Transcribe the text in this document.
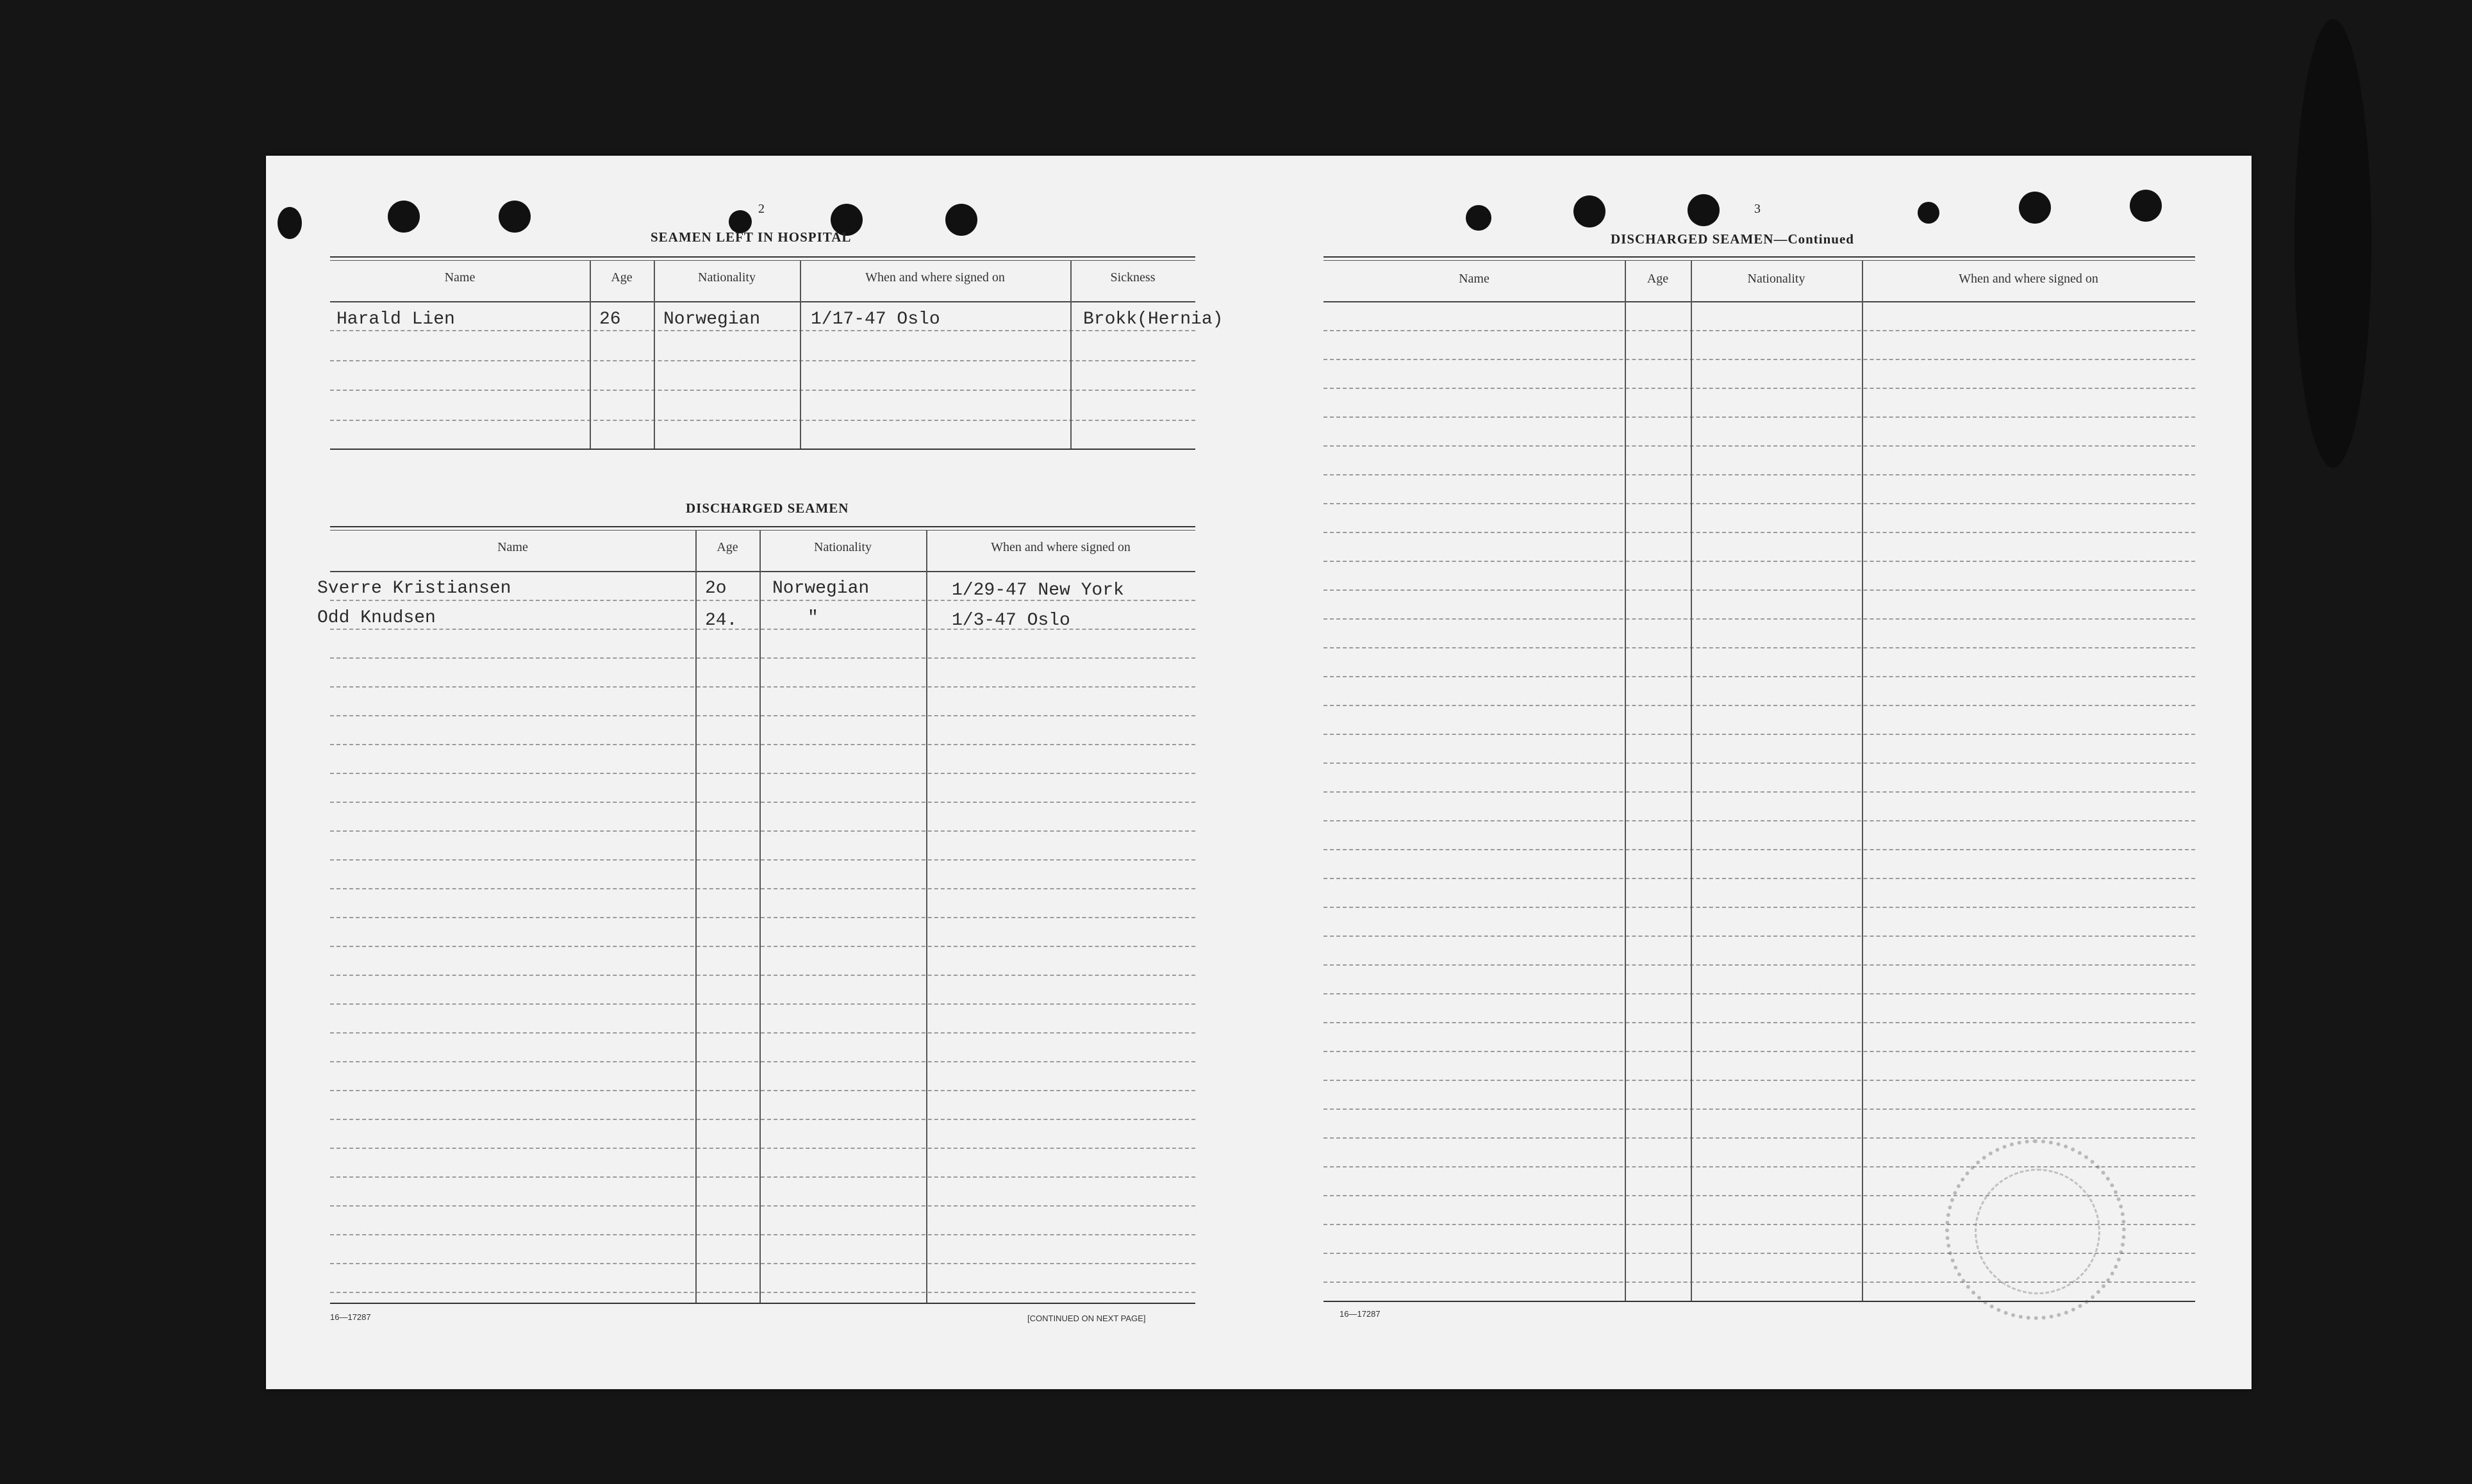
2
SEAMEN LEFT IN HOSPITAL
Name	Age	Nationality	When and where signed on	Sickness
Harald Lien	26 Norwegian	1/17-47 Oslo	Brokk(Hernia)
DISCHARGED SEAMEN
Name	Age	Nationality	When and where signed on
Sverre Kristiansen	2o	Norwegian	1/29-47 New York
Odd Knudsen	24.	"	1/3-47 Oslo
16—17287	[CONTINUED ON NEXT PAGE]
3
DISCHARGED SEAMEN—Continued
Name	Age	Nationality	When and where signed on
16—17287
